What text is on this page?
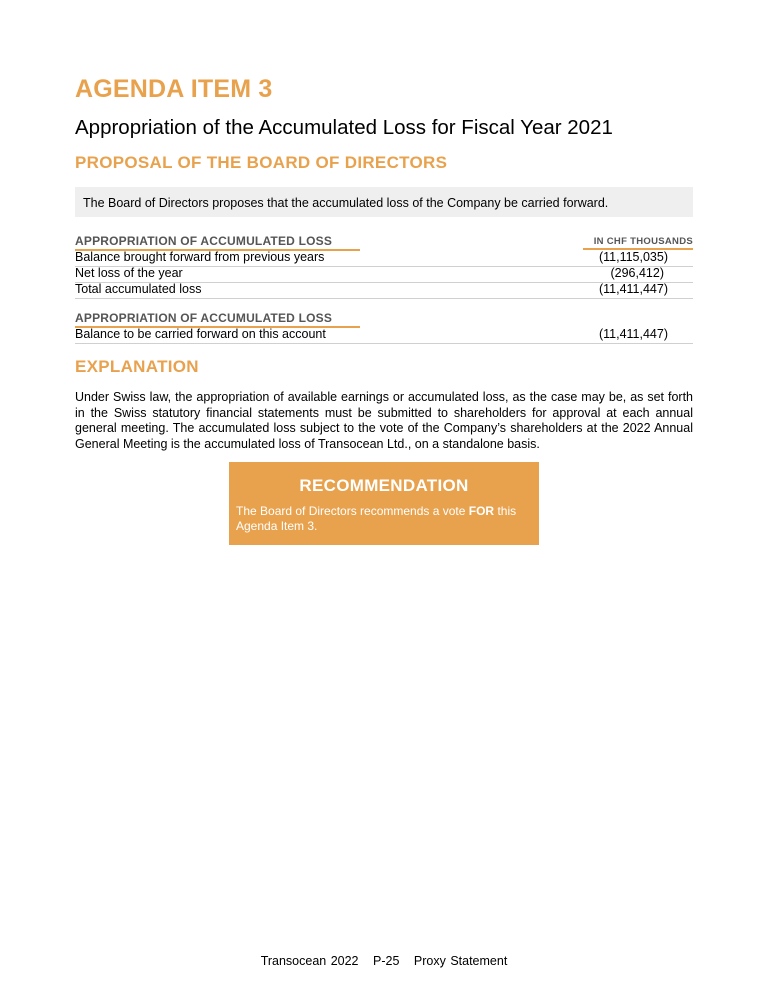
AGENDA ITEM 3
Appropriation of the Accumulated Loss for Fiscal Year 2021
PROPOSAL OF THE BOARD OF DIRECTORS
The Board of Directors proposes that the accumulated loss of the Company be carried forward.
APPROPRIATION OF ACCUMULATED LOSS	IN CHF THOUSANDS
Balance brought forward from previous years	(11,115,035)
Net loss of the year	(296,412)
Total accumulated loss	(11,411,447)
APPROPRIATION OF ACCUMULATED LOSS
Balance to be carried forward on this account	(11,411,447)
EXPLANATION

Under Swiss law, the appropriation of available earnings or accumulated loss, as the case may be, as set forth in the Swiss statutory financial statements must be submitted to shareholders for approval at each annual general meeting. The accumulated loss subject to the vote of the Company’s shareholders at the 2022 Annual General Meeting is the accumulated loss of Transocean Ltd., on a standalone basis.

RECOMMENDATION

The Board of Directors recommends a vote FOR this Agenda Item 3.

Transocean 2022 P-25 Proxy Statement
